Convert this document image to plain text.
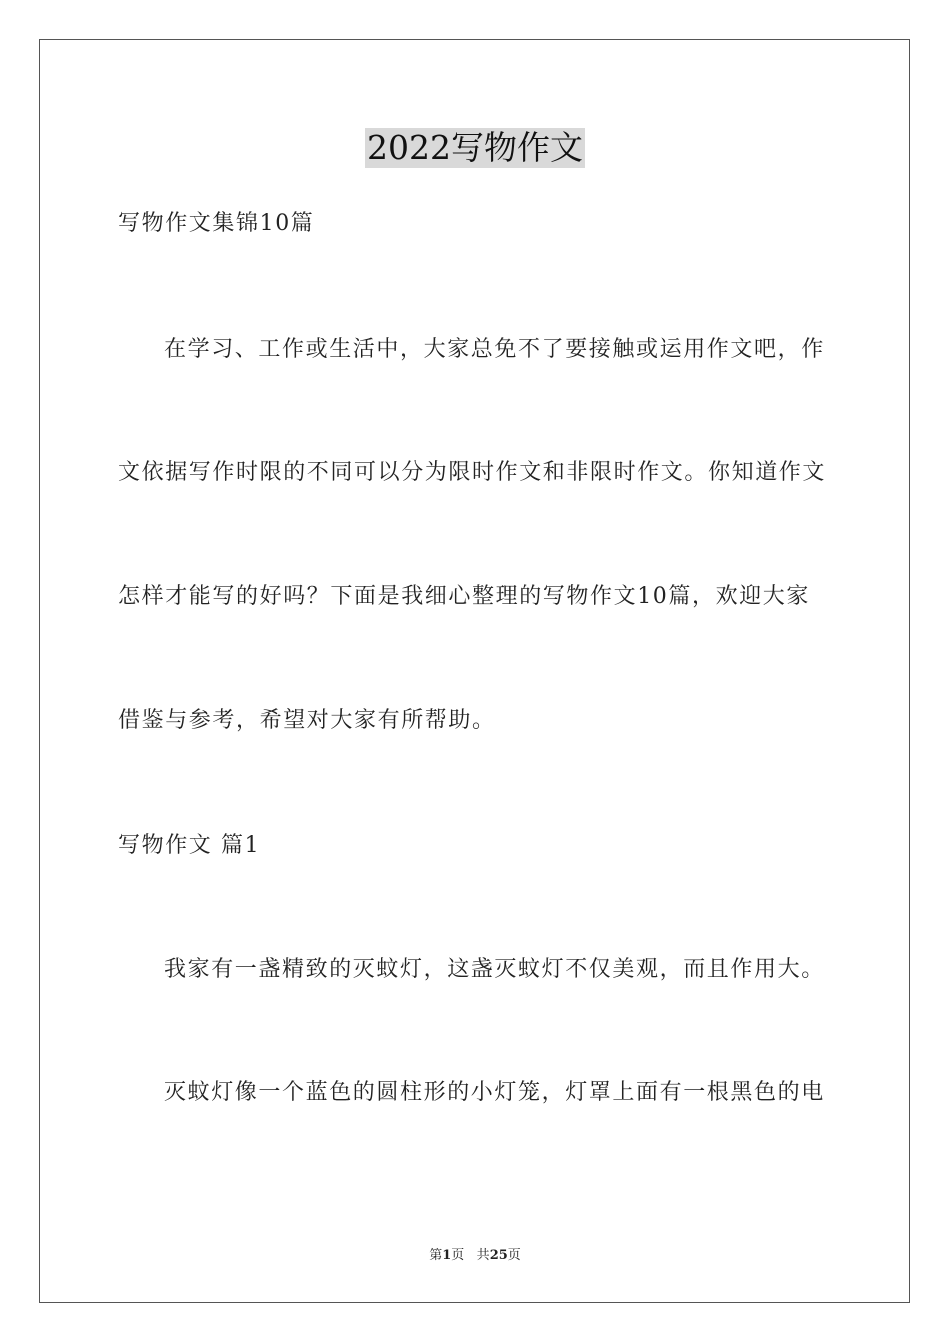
2022写物作文
写物作文集锦10篇
在学习、工作或生活中，大家总免不了要接触或运用作文吧，作
文依据写作时限的不同可以分为限时作文和非限时作文。你知道作文
怎样才能写的好吗？下面是我细心整理的写物作文10篇，欢迎大家
借鉴与参考，希望对大家有所帮助。
写物作文 篇1
我家有一盏精致的灭蚊灯，这盏灭蚊灯不仅美观，而且作用大。
灭蚊灯像一个蓝色的圆柱形的小灯笼，灯罩上面有一根黑色的电
第1页 共25页
